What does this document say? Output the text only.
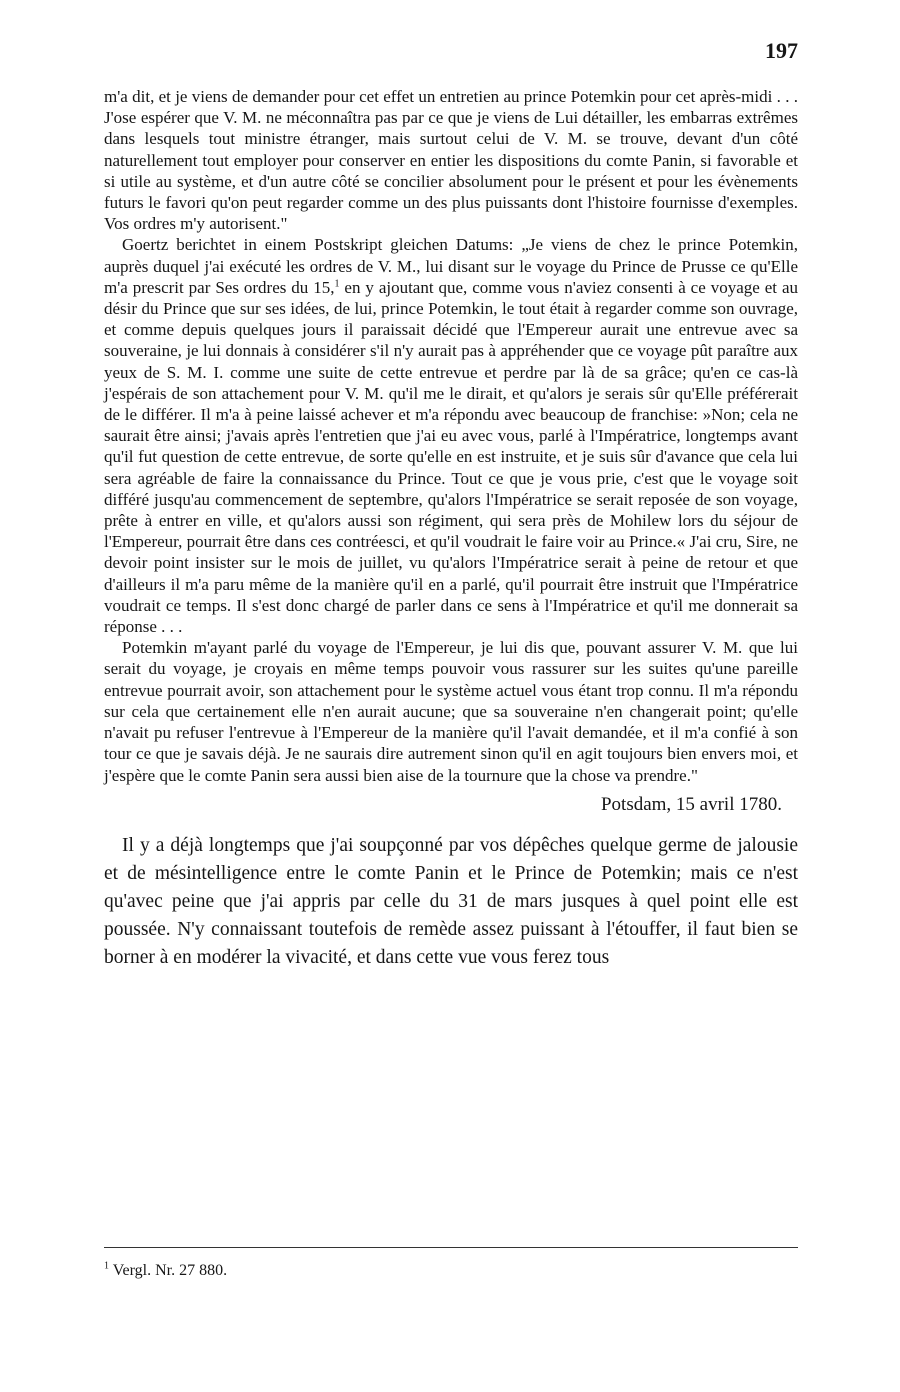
197

m'a dit, et je viens de demander pour cet effet un entretien au prince Potemkin pour cet après-midi . . . J'ose espérer que V. M. ne méconnaîtra pas par ce que je viens de Lui détailler, les embarras extrêmes dans lesquels tout ministre étranger, mais surtout celui de V. M. se trouve, devant d'un côté naturellement tout employer pour conserver en entier les dispositions du comte Panin, si favorable et si utile au système, et d'un autre côté se concilier absolument pour le présent et pour les évènements futurs le favori qu'on peut regarder comme un des plus puissants dont l'histoire fournisse d'exemples. Vos ordres m'y autorisent."

Goertz berichtet in einem Postskript gleichen Datums: „Je viens de chez le prince Potemkin, auprès duquel j'ai exécuté les ordres de V. M., lui disant sur le voyage du Prince de Prusse ce qu'Elle m'a prescrit par Ses ordres du 15,$^1$ en y ajoutant que, comme vous n'aviez consenti à ce voyage et au désir du Prince que sur ses idées, de lui, prince Potemkin, le tout était à regarder comme son ouvrage, et comme depuis quelques jours il paraissait décidé que l'Empereur aurait une entrevue avec sa souveraine, je lui donnais à considérer s'il n'y aurait pas à appréhender que ce voyage pût paraître aux yeux de S. M. I. comme une suite de cette entrevue et perdre par là de sa grâce; qu'en ce cas-là j'espérais de son attachement pour V. M. qu'il me le dirait, et qu'alors je serais sûr qu'Elle préférerait de le différer. Il m'a à peine laissé achever et m'a répondu avec beaucoup de franchise: »Non; cela ne saurait être ainsi; j'avais après l'entretien que j'ai eu avec vous, parlé à l'Impératrice, longtemps avant qu'il fut question de cette entrevue, de sorte qu'elle en est instruite, et je suis sûr d'avance que cela lui sera agréable de faire la connaissance du Prince. Tout ce que je vous prie, c'est que le voyage soit différé jusqu'au commencement de septembre, qu'alors l'Impératrice se serait reposée de son voyage, prête à entrer en ville, et qu'alors aussi son régiment, qui sera près de Mohilew lors du séjour de l'Empereur, pourrait être dans ces contréesci, et qu'il voudrait le faire voir au Prince.« J'ai cru, Sire, ne devoir point insister sur le mois de juillet, vu qu'alors l'Impératrice serait à peine de retour et que d'ailleurs il m'a paru même de la manière qu'il en a parlé, qu'il pourrait être instruit que l'Impératrice voudrait ce temps. Il s'est donc chargé de parler dans ce sens à l'Impératrice et qu'il me donnerait sa réponse . . .

Potemkin m'ayant parlé du voyage de l'Empereur, je lui dis que, pouvant assurer V. M. que lui serait du voyage, je croyais en même temps pouvoir vous rassurer sur les suites qu'une pareille entrevue pourrait avoir, son attachement pour le système actuel vous étant trop connu. Il m'a répondu sur cela que certainement elle n'en aurait aucune; que sa souveraine n'en changerait point; qu'elle n'avait pu refuser l'entrevue à l'Empereur de la manière qu'il l'avait demandée, et il m'a confié à son tour ce que je savais déjà. Je ne saurais dire autrement sinon qu'il en agit toujours bien envers moi, et j'espère que le comte Panin sera aussi bien aise de la tournure que la chose va prendre."

Potsdam, 15 avril 1780.

Il y a déjà longtemps que j'ai soupçonné par vos dépêches quelque germe de jalousie et de mésintelligence entre le comte Panin et le Prince de Potemkin; mais ce n'est qu'avec peine que j'ai appris par celle du 31 de mars jusques à quel point elle est poussée. N'y connaissant toutefois de remède assez puissant à l'étouffer, il faut bien se borner à en modérer la vivacité, et dans cette vue vous ferez tous

$^1$ Vergl. Nr. 27 880.
